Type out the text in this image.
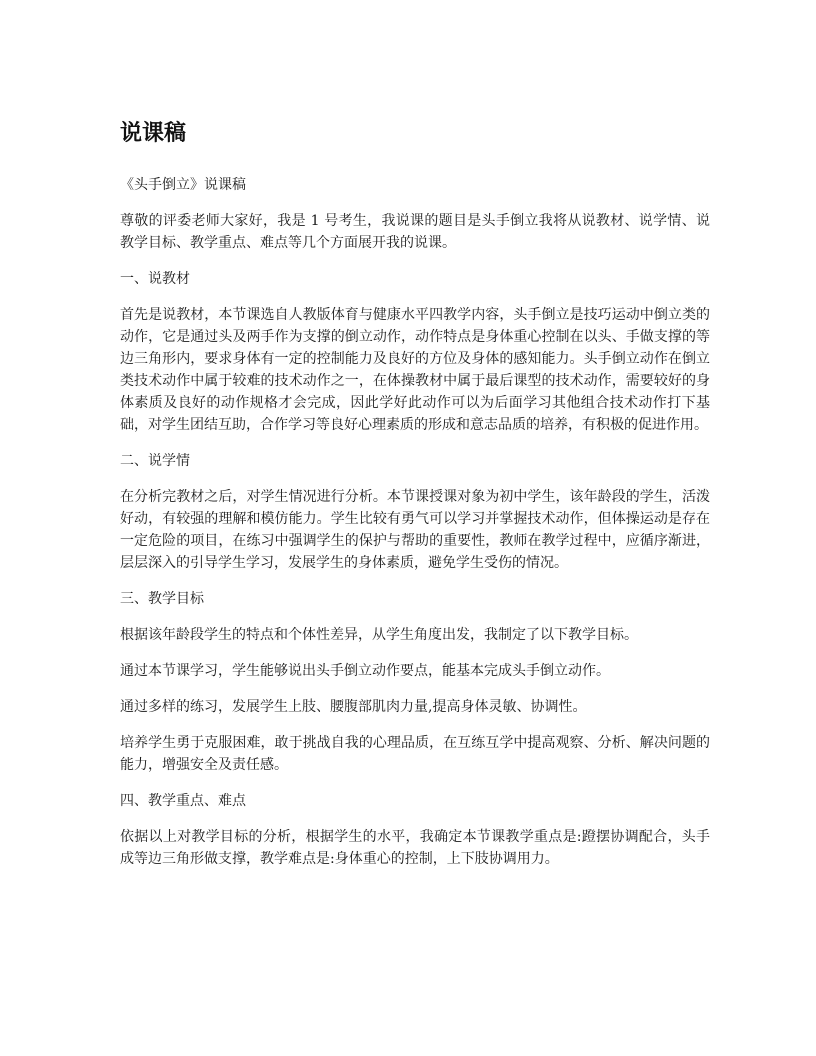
说课稿

《头手倒立》说课稿

尊敬的评委老师大家好，我是 1 号考生，我说课的题目是头手倒立我将从说教材、说学情、说教学目标、教学重点、难点等几个方面展开我的说课。

一、说教材

首先是说教材，本节课选自人教版体育与健康水平四教学内容，头手倒立是技巧运动中倒立类的动作，它是通过头及两手作为支撑的倒立动作，动作特点是身体重心控制在以头、手做支撑的等边三角形内，要求身体有一定的控制能力及良好的方位及身体的感知能力。头手倒立动作在倒立类技术动作中属于较难的技术动作之一，在体操教材中属于最后课型的技术动作，需要较好的身体素质及良好的动作规格才会完成，因此学好此动作可以为后面学习其他组合技术动作打下基础，对学生团结互助，合作学习等良好心理素质的形成和意志品质的培养，有积极的促进作用。

二、说学情

在分析完教材之后，对学生情况进行分析。本节课授课对象为初中学生，该年龄段的学生，活泼好动，有较强的理解和模仿能力。学生比较有勇气可以学习并掌握技术动作，但体操运动是存在一定危险的项目，在练习中强调学生的保护与帮助的重要性，教师在教学过程中，应循序渐进，层层深入的引导学生学习，发展学生的身体素质，避免学生受伤的情况。

三、教学目标

根据该年龄段学生的特点和个体性差异，从学生角度出发，我制定了以下教学目标。

通过本节课学习，学生能够说出头手倒立动作要点，能基本完成头手倒立动作。

通过多样的练习，发展学生上肢、腰腹部肌肉力量,提高身体灵敏、协调性。

培养学生勇于克服困难，敢于挑战自我的心理品质，在互练互学中提高观察、分析、解决问题的能力，增强安全及责任感。

四、教学重点、难点

依据以上对教学目标的分析，根据学生的水平，我确定本节课教学重点是:蹬摆协调配合，头手成等边三角形做支撑，教学难点是:身体重心的控制，上下肢协调用力。
